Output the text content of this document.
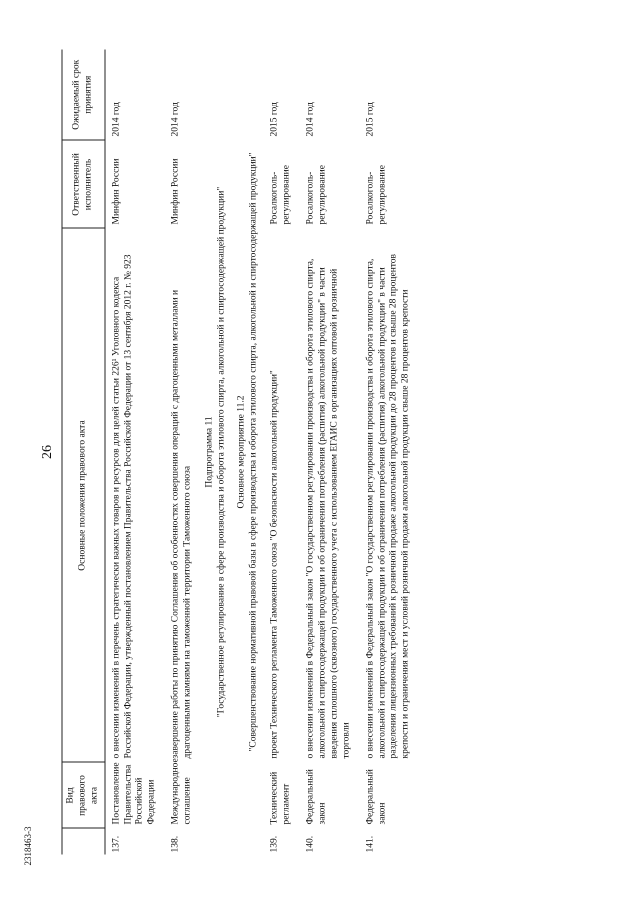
26
2318463-3
	Вид правового акта	Основные положения правового акта	Ответственный исполнитель	Ожидаемый срок принятия
137.	Постановление Правительства Российской Федерации	о внесении изменений в перечень стратегически важных товаров и ресурсов для целей статьи 226¹ Уголовного кодекса Российской Федерации, утвержденный постановлением Правительства Российской Федерации от 13 сентября 2012 г. № 923	Минфин России	2014 год
138.	Международное соглашение	завершение работы по принятию Соглашения об особенностях совершения операций с драгоценными металлами и драгоценными камнями на таможенной территории Таможенного союза	Минфин России	2014 год

Подпрограмма 11 "Государственное регулирование в сфере производства и оборота этилового спирта, алкогольной и спиртосодержащей продукции"				

Основное мероприятие 11.2 "Совершенствование нормативной правовой базы в сфере производства и оборота этилового спирта, алкогольной и спиртосодержащей продукции"				

139.	Технический регламент	проект Технического регламента Таможенного союза "О безопасности алкогольной продукции"	Росалкоголь-регулирование	2015 год
140.	Федеральный закон	о внесении изменений в Федеральный закон "О государственном регулировании производства и оборота этилового спирта, алкогольной и спиртосодержащей продукции и об ограничении потребления (распития) алкогольной продукции" в части введения сплошного (сквозного) государственного учета с использованием ЕГАИС в организациях оптовой и розничной торговли	Росалкоголь-регулирование	2014 год
141.	Федеральный закон	о внесении изменений в Федеральный закон "О государственном регулировании производства и оборота этилового спирта, алкогольной и спиртосодержащей продукции и об ограничении потребления (распития) алкогольной продукции" в части разделения лицензионных требований к розничной продаже алкогольной продукции до 28 процентов и свыше 28 процентов крепости и ограничения мест и условий розничной продажи алкогольной продукции свыше 28 процентов крепости	Росалкоголь-регулирование	2015 год
